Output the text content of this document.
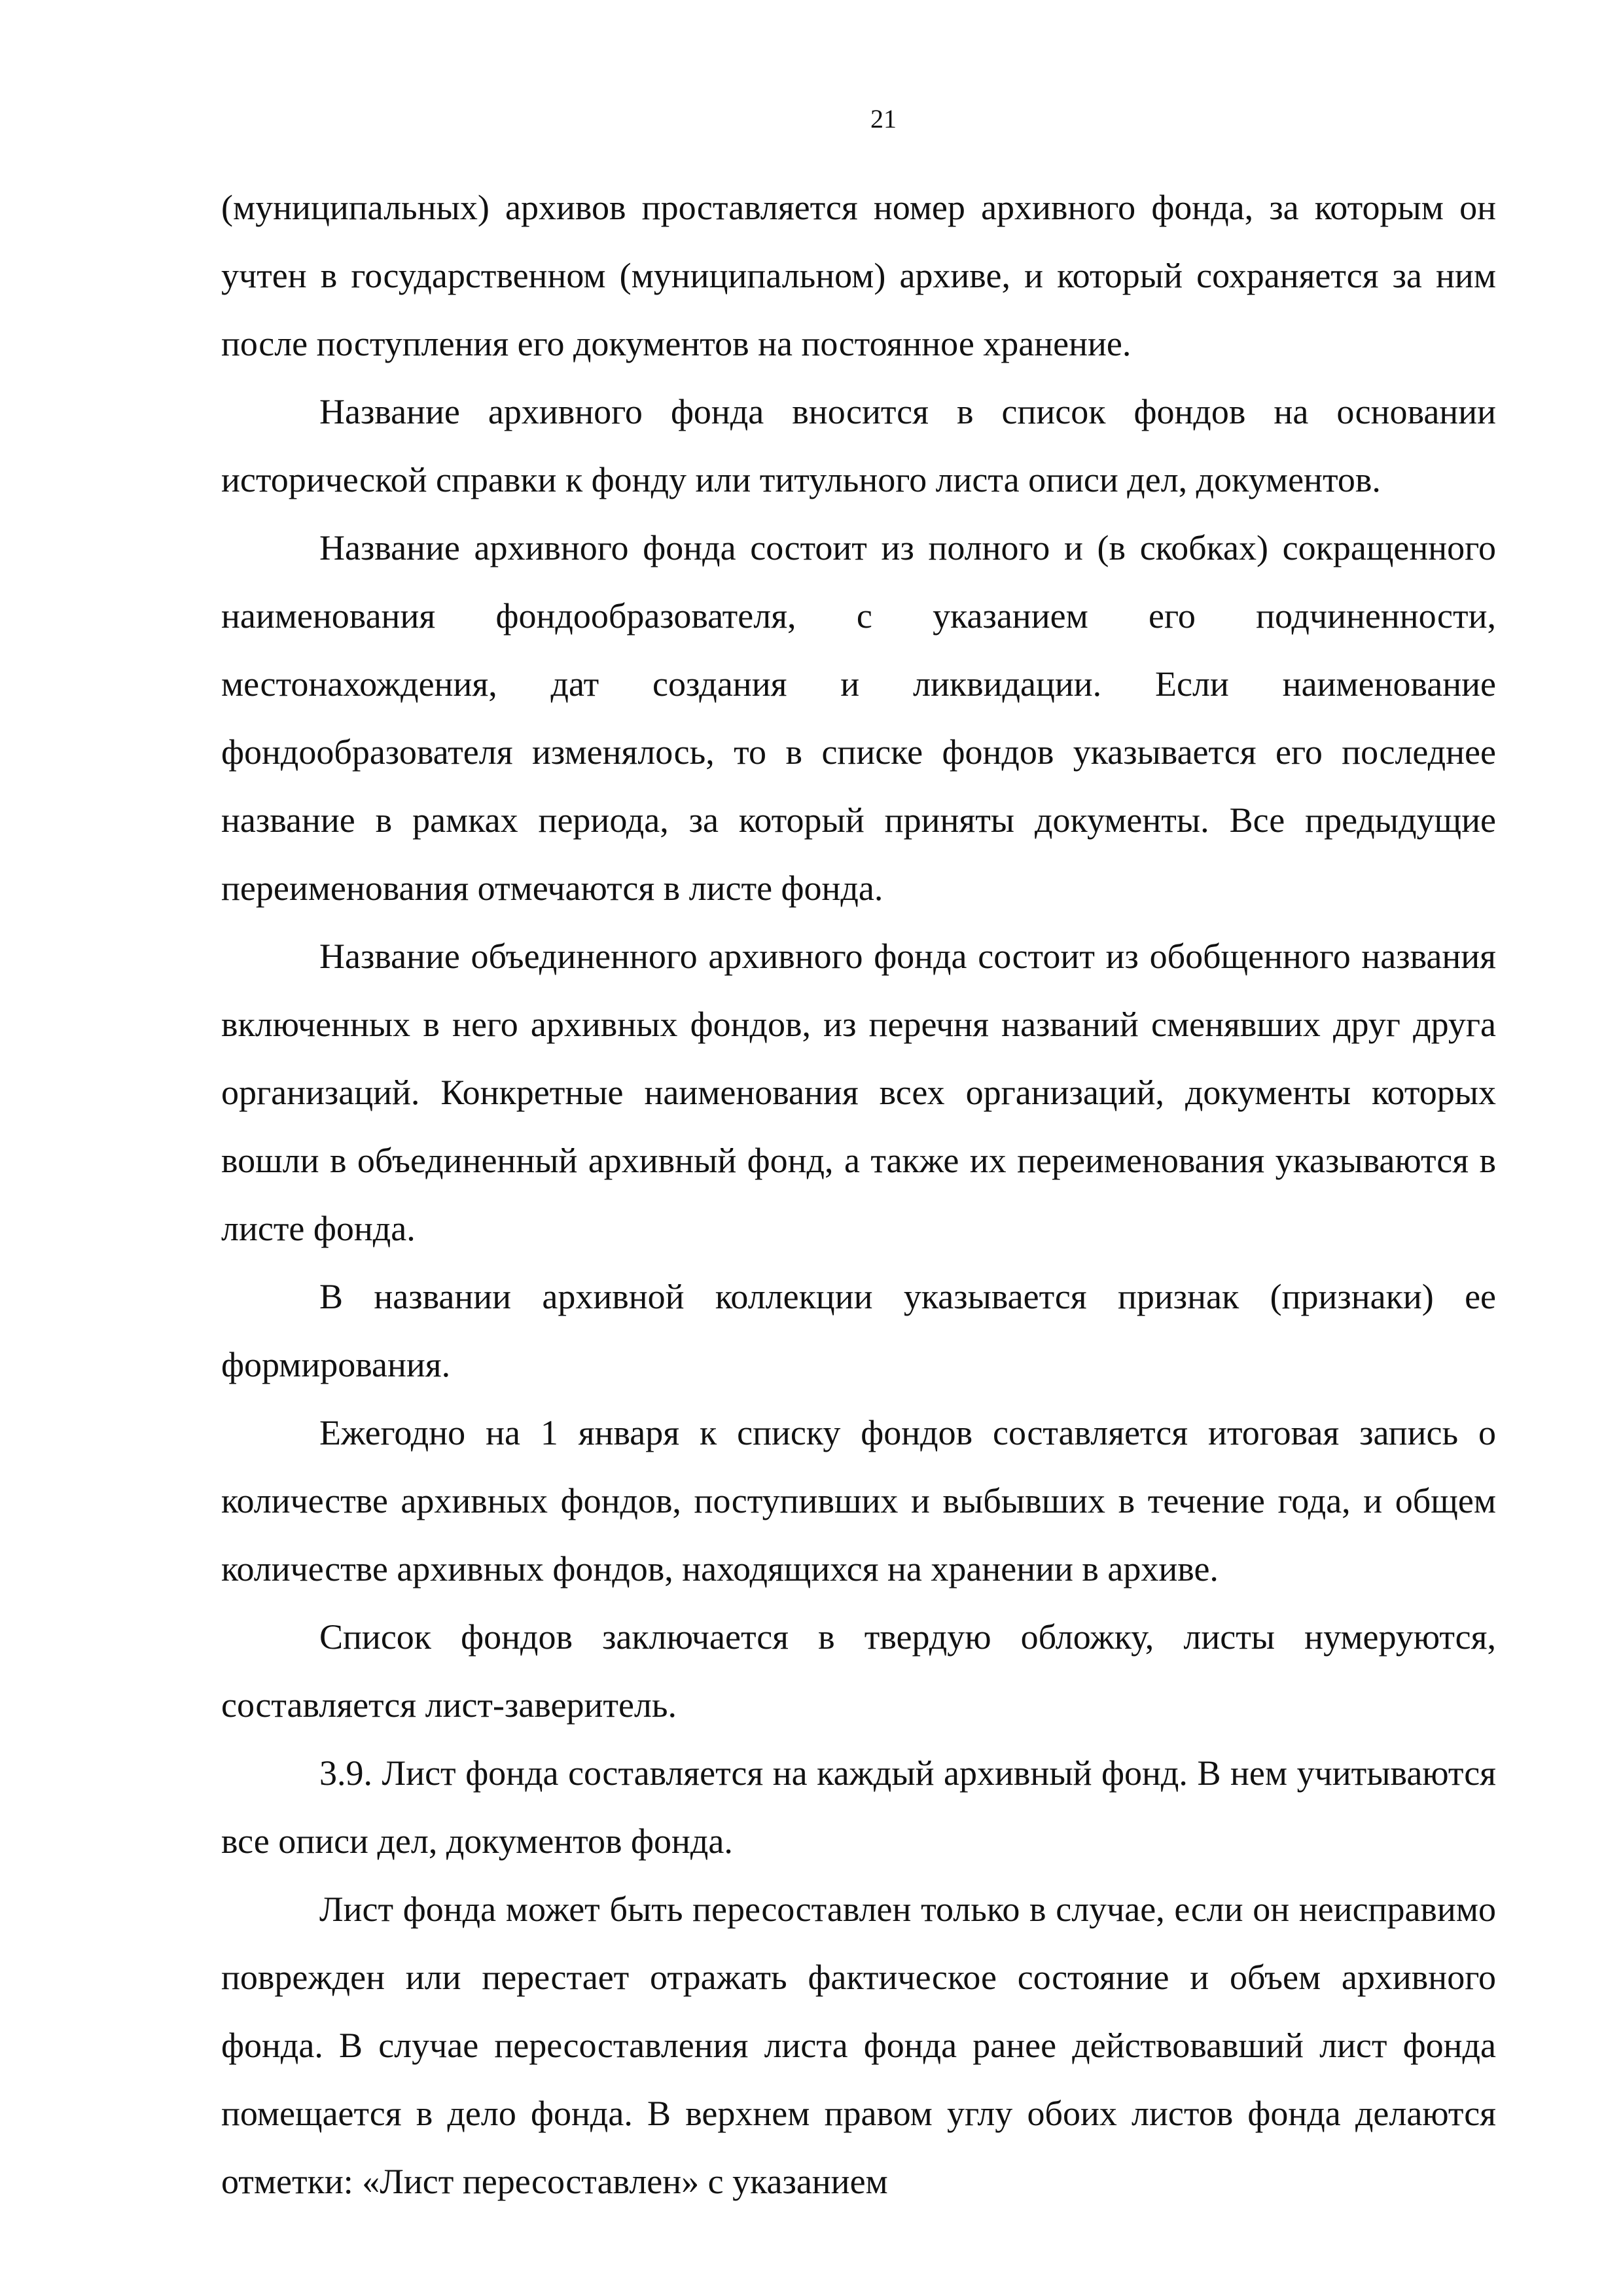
21

(муниципальных) архивов проставляется номер архивного фонда, за которым он учтен в государственном (муниципальном) архиве, и который сохраняется за ним после поступления его документов на постоянное хранение.

Название архивного фонда вносится в список фондов на основании исторической справки к фонду или титульного листа описи дел, документов.

Название архивного фонда состоит из полного и (в скобках) сокращенного наименования фондообразователя, с указанием его подчиненности, местонахождения, дат создания и ликвидации. Если наименование фондообразователя изменялось, то в списке фондов указывается его последнее название в рамках периода, за который приняты документы. Все предыдущие переименования отмечаются в листе фонда.

Название объединенного архивного фонда состоит из обобщенного названия включенных в него архивных фондов, из перечня названий сменявших друг друга организаций. Конкретные наименования всех организаций, документы которых вошли в объединенный архивный фонд, а также их переименования указываются в листе фонда.

В названии архивной коллекции указывается признак (признаки) ее формирования.

Ежегодно на 1 января к списку фондов составляется итоговая запись о количестве архивных фондов, поступивших и выбывших в течение года, и общем количестве архивных фондов, находящихся на хранении в архиве.

Список фондов заключается в твердую обложку, листы нумеруются, составляется лист-заверитель.

3.9. Лист фонда составляется на каждый архивный фонд. В нем учитываются все описи дел, документов фонда.

Лист фонда может быть пересоставлен только в случае, если он неисправимо поврежден или перестает отражать фактическое состояние и объем архивного фонда. В случае пересоставления листа фонда ранее действовавший лист фонда помещается в дело фонда. В верхнем правом углу обоих листов фонда делаются отметки: «Лист пересоставлен» с указанием
